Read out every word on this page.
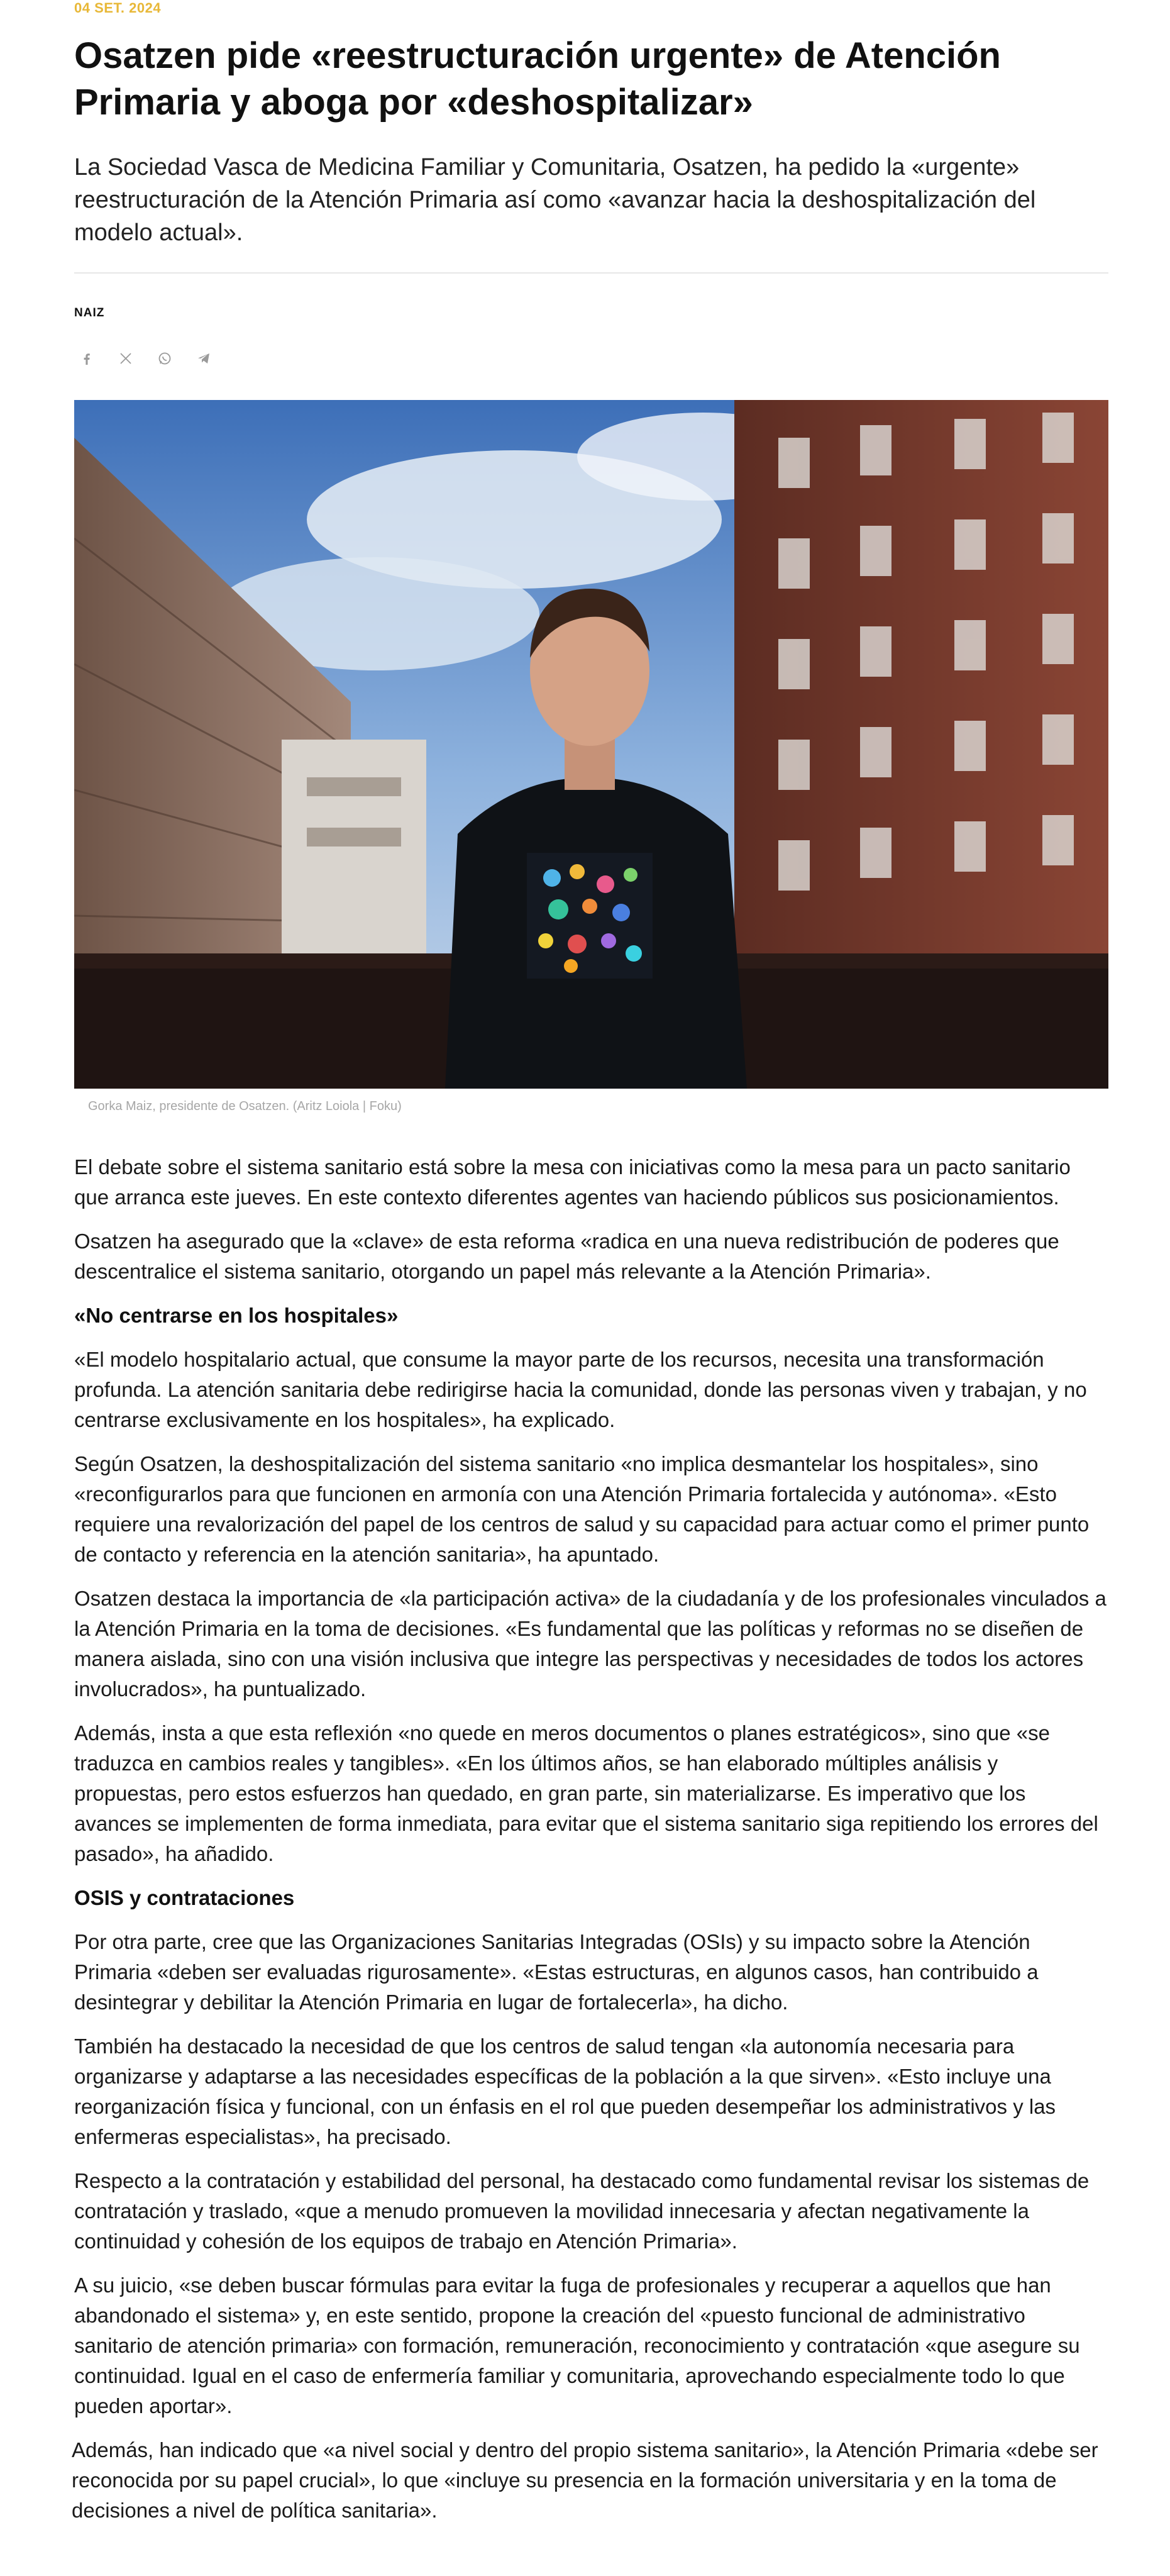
04 SET. 2024
Osatzen pide «reestructuración urgente» de Atención Primaria y aboga por «deshospitalizar»

La Sociedad Vasca de Medicina Familiar y Comunitaria, Osatzen, ha pedido la «urgente» reestructuración de la Atención Primaria así como «avanzar hacia la deshospitalización del modelo actual».

NAIZ
Gorka Maiz, presidente de Osatzen. (Aritz Loiola | Foku)

El debate sobre el sistema sanitario está sobre la mesa con iniciativas como la mesa para un pacto sanitario que arranca este jueves. En este contexto diferentes agentes van haciendo públicos sus posicionamientos.

Osatzen ha asegurado que la «clave» de esta reforma «radica en una nueva redistribución de poderes que descentralice el sistema sanitario, otorgando un papel más relevante a la Atención Primaria».

«No centrarse en los hospitales»

«El modelo hospitalario actual, que consume la mayor parte de los recursos, necesita una transformación profunda. La atención sanitaria debe redirigirse hacia la comunidad, donde las personas viven y trabajan, y no centrarse exclusivamente en los hospitales», ha explicado.

Según Osatzen, la deshospitalización del sistema sanitario «no implica desmantelar los hospitales», sino «reconfigurarlos para que funcionen en armonía con una Atención Primaria fortalecida y autónoma». «Esto requiere una revalorización del papel de los centros de salud y su capacidad para actuar como el primer punto de contacto y referencia en la atención sanitaria», ha apuntado.

Osatzen destaca la importancia de «la participación activa» de la ciudadanía y de los profesionales vinculados a la Atención Primaria en la toma de decisiones. «Es fundamental que las políticas y reformas no se diseñen de manera aislada, sino con una visión inclusiva que integre las perspectivas y necesidades de todos los actores involucrados», ha puntualizado.

Además, insta a que esta reflexión «no quede en meros documentos o planes estratégicos», sino que «se traduzca en cambios reales y tangibles». «En los últimos años, se han elaborado múltiples análisis y propuestas, pero estos esfuerzos han quedado, en gran parte, sin materializarse. Es imperativo que los avances se implementen de forma inmediata, para evitar que el sistema sanitario siga repitiendo los errores del pasado», ha añadido.

OSIS y contrataciones

Por otra parte, cree que las Organizaciones Sanitarias Integradas (OSIs) y su impacto sobre la Atención Primaria «deben ser evaluadas rigurosamente». «Estas estructuras, en algunos casos, han contribuido a desintegrar y debilitar la Atención Primaria en lugar de fortalecerla», ha dicho.

También ha destacado la necesidad de que los centros de salud tengan «la autonomía necesaria para organizarse y adaptarse a las necesidades específicas de la población a la que sirven». «Esto incluye una reorganización física y funcional, con un énfasis en el rol que pueden desempeñar los administrativos y las enfermeras especialistas», ha precisado.

Respecto a la contratación y estabilidad del personal, ha destacado como fundamental revisar los sistemas de contratación y traslado, «que a menudo promueven la movilidad innecesaria y afectan negativamente la continuidad y cohesión de los equipos de trabajo en Atención Primaria».

A su juicio, «se deben buscar fórmulas para evitar la fuga de profesionales y recuperar a aquellos que han abandonado el sistema» y, en este sentido, propone la creación del «puesto funcional de administrativo sanitario de atención primaria» con formación, remuneración, reconocimiento y contratación «que asegure su continuidad. Igual en el caso de enfermería familiar y comunitaria, aprovechando especialmente todo lo que pueden aportar».

Además, han indicado que «a nivel social y dentro del propio sistema sanitario», la Atención Primaria «debe ser reconocida por su papel crucial», lo que «incluye su presencia en la formación universitaria y en la toma de decisiones a nivel de política sanitaria».
